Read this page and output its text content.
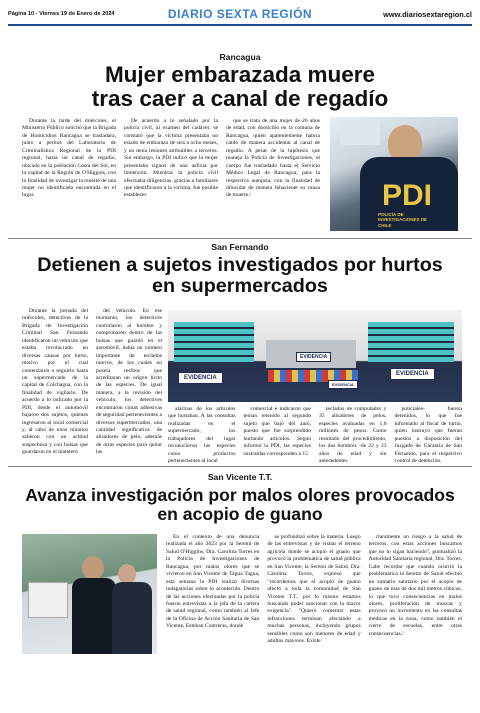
Página 10 - Viernes 19 de Enero de 2024	DIARIO SEXTA REGIÓN	www.diariosextaregion.cl
Rancagua
Mujer embarazada muere
tras caer a canal de regadío

Durante la tarde del miércoles, el Ministerio Público solicitó que la Brigada de Homicidios Rancagua se trasladara, junto a peritos del Laboratorio de Criminalística Regional de la PDI regional, hasta un canal de regadío, ubicado en la población Costa del Sol, en la capital de la Región de O'Higgins, con la finalidad de investigar la muerte de una mujer no identificada encontrada en el lugar.

De acuerdo a lo señalado por la policía civil, al examen del cadáver, se constató que la víctima presentaba un estado de embarazo de seis a ocho meses, y no tenía lesiones atribuibles a terceros. Sin embargo, la PDI indicó que la mujer presentaba signos de una asfixia por inmersión. Mientras la policía civil efectuaba diligencias, gracias a familiares que identificaron a la víctima, fue posible establecer

que se trata de una mujer de 26 años de edad, con domicilio en la comuna de Rancagua, quien aparentemente habría caído de manera accidental al canal de regadío. A pesar de la hipótesis que maneja la Policía de Investigaciones, el cuerpo fue trasladado hasta el Servicio Médico Legal de Rancagua, para la respectiva autopsia, con la finalidad de dilucidar de manera fehaciente su causa de muerte./	PDI
POLICÍA DE INVESTIGACIONES DE CHILE
San Fernando
Detienen a sujetos investigados por hurtos
en supermercados

Durante la jornada del miércoles, detectives de la Brigada de Investigación Criminal San Fernando identificaron un vehículo que estaba involucrado en diversas causas por hurto, motivo por el cual comenzaron a seguirlo hasta un supermercado de la capital de Colchagua, con la finalidad de vigilarlo. De acuerdo a lo indicado por la PDI, desde el automóvil bajaron dos sujetos, quienes ingresaron al local comercial y, al cabo de unos minutos salieron con un actitud sospechosa y con bolsas que guardaron en el maletero

del vehículo. En ese momento, los detectives controlaron al hombre y comprobaron dentro de las bolsas que guardó en el automóvil, había un número importante de teclados nuevos, de los cuales no poseía recibos que acreditaran un origen lícito de las especies. De igual manera, a la revisión del vehículo, los detectives encontraron cintas adhesivas de seguridad pertenecientes a diversos supermercados, una cantidad significativa de alisadores de pelo, además de otras especies para quitar las

EVIDENCIA
EVIDENCIA
EVIDENCIA
EVIDENCIA

alarmas de los artículos que hurtaban. A las consultas realizadas en el supermercado, los trabajadores del lugar reconocieron las especies como productos pertenecientes al local

comercial e indicaron que tenían retenido al segundo sujeto que bajó del auto, puesto que fue sorprendido hurtando artículos. Según informó la PDI, las especies sustraídas corresponden a 15

teclados de computador y 35 alisadores de pelos, especies avaluadas en 1,6 millones de pesos. Como resultado del procedimiento, los dos hombres -de 22 y 33 años de edad y sin antecedentes

policiales- fueron detenidos, lo que fue informado al fiscal de turno, quien instruyó que fueran puestos a disposición del Juzgado de Garantía de San Fernando, para el respectivo control de detención.

San Vicente T.T.
Avanza investigación por malos olores provocados
en acopio de guano

En el contexto de una denuncia realizada el año 2023 por la Seremi de Salud O'Higgins, Dra. Carolina Torres en la Policía de Investigaciones de Rancagua, por malos olores que se vivieron en San Vicente de Tagua Tagua, esta semana la PDI realizó diversas indagatorias sobre lo acontecido. Dentro de las acciones efectuadas por la policía fueron entrevistas a la jefa de la cartera de salud regional, como también al Jefe de la Oficina de Acción Sanitaria de San Vicente, Esteban Contreras, donde

se profundizó sobre la materia. Luego de las entrevistas y de visitar el terreno agrícola donde se acopió el guano que provocó la problemática de salud pública en San Vicente, la Seremi de Salud, Dra. Carolina Torres, expresó que "recordemos que el acopio de guano afectó a toda la comunidad de San Vicente T.T., por lo mismo estamos buscando poder sancionar con la mayor exigencia". "Quiero comentar estas infracciones terminan afectando a muchas personas, incluyendo grupos sensibles como son menores de edad y adultos mayores. Existe

claramente un riesgo a la salud de terceros, con estas acciones buscamos que no lo sigan haciendo", puntualizó la Autoridad Sanitaria regional, Dra. Torres. Cabe recordar que cuando ocurrió la problemática la Seremi de Salud efectuó un sumario sanitario por el acopio de guano de más de dos mil metros cúbicos, lo que tuvo consecuencias en malos olores, proliferación de moscas y provocó un incremento en las consultas médicas en la zona, como también el cierre de escuelas, entre otras consecuencias./
